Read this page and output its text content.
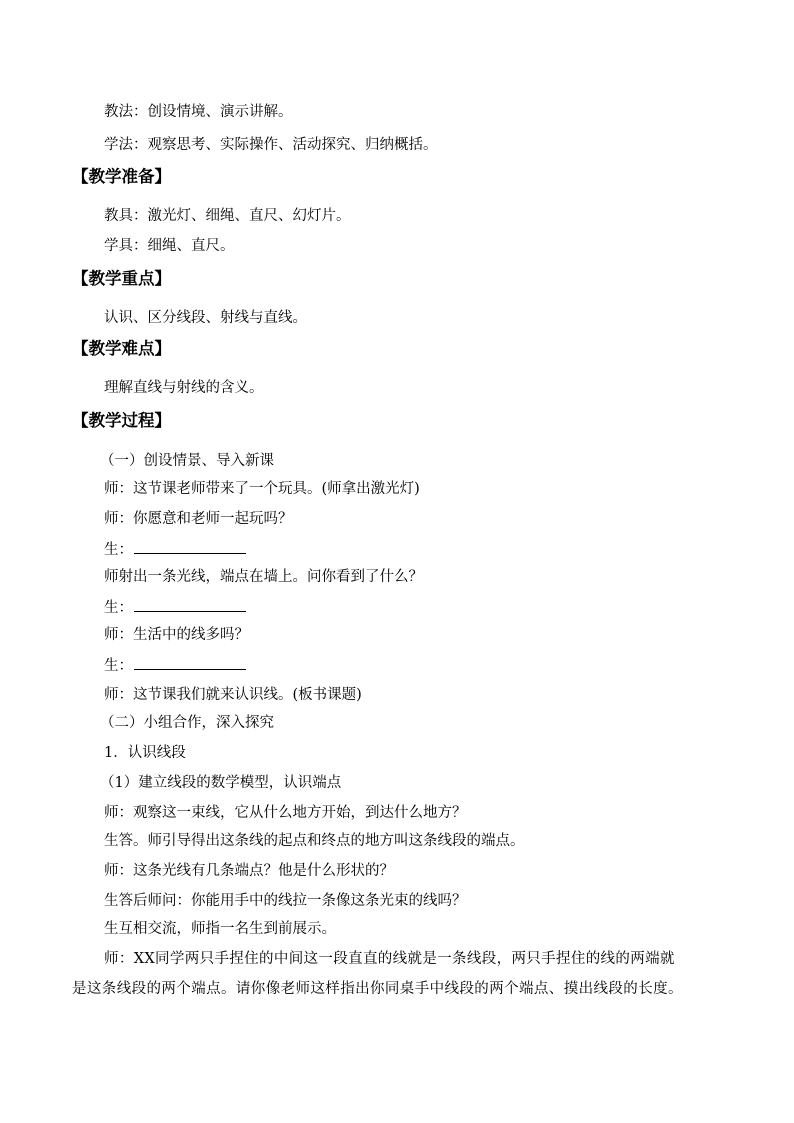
教法：创设情境、演示讲解。
学法：观察思考、实际操作、活动探究、归纳概括。
【教学准备】
教具：激光灯、细绳、直尺、幻灯片。
学具：细绳、直尺。
【教学重点】
认识、区分线段、射线与直线。
【教学难点】
理解直线与射线的含义。
【教学过程】
（一）创设情景、导入新课
师：这节课老师带来了一个玩具。(师拿出激光灯)
师：你愿意和老师一起玩吗？
生：
师射出一条光线，端点在墙上。问你看到了什么？
生：
师：生活中的线多吗？
生：
师：这节课我们就来认识线。(板书课题)
（二）小组合作，深入探究
1．认识线段
（1）建立线段的数学模型，认识端点
师：观察这一束线，它从什么地方开始，到达什么地方？
生答。师引导得出这条线的起点和终点的地方叫这条线段的端点。
师：这条光线有几条端点？他是什么形状的？
生答后师问：你能用手中的线拉一条像这条光束的线吗？
生互相交流，师指一名生到前展示。
师：XX同学两只手捏住的中间这一段直直的线就是一条线段，两只手捏住的线的两端就
是这条线段的两个端点。请你像老师这样指出你同桌手中线段的两个端点、摸出线段的长度。
